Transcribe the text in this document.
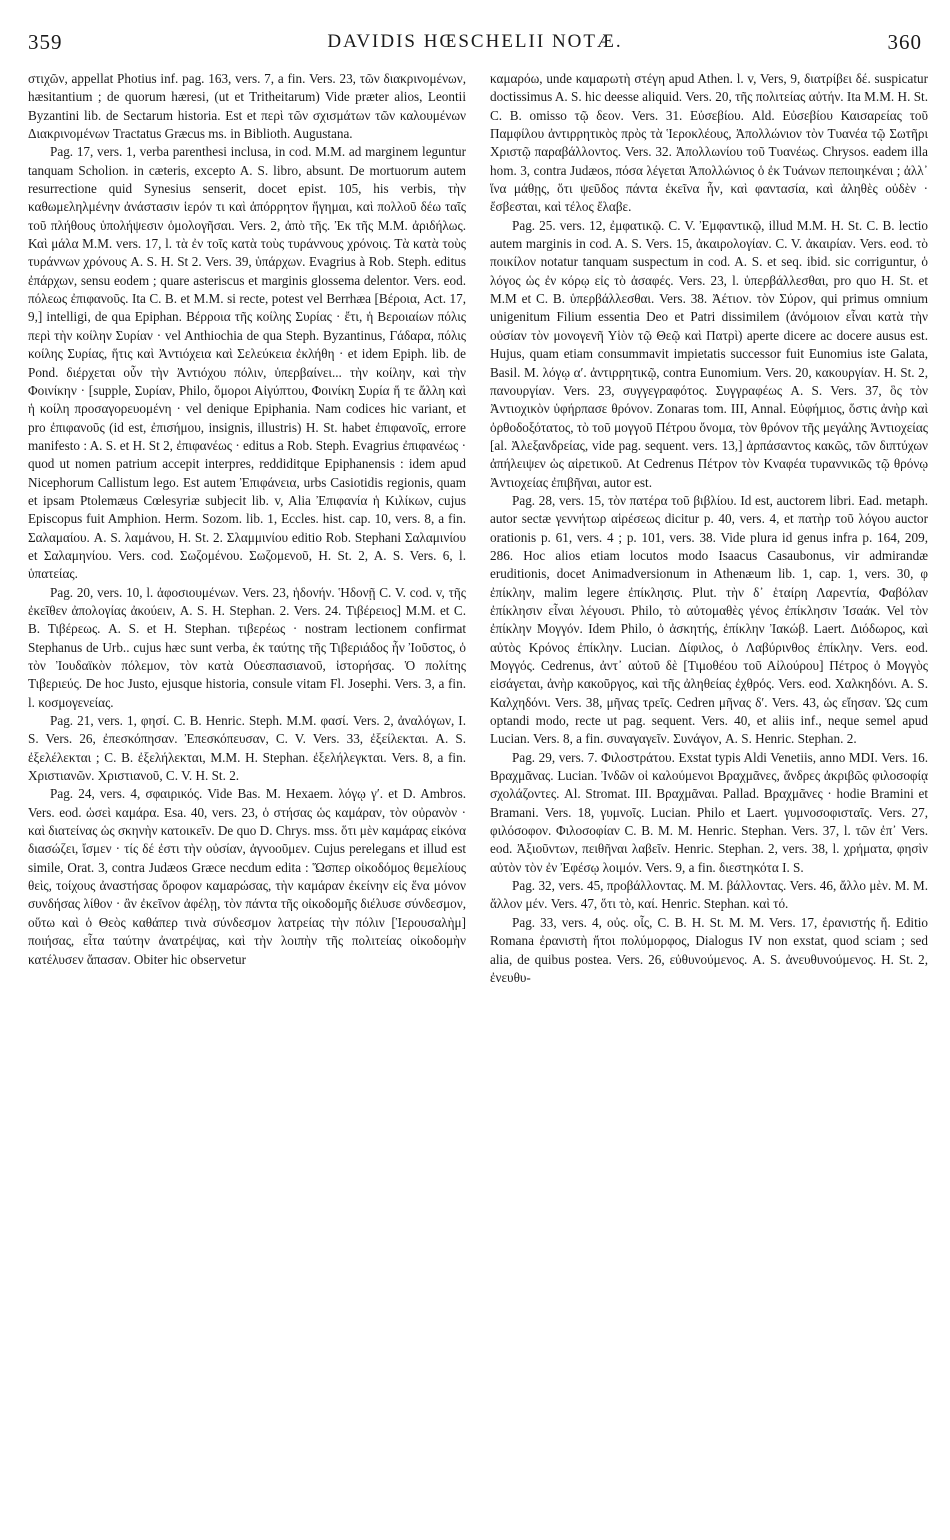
359	DAVIDIS HŒSCHELII NOTÆ.	360

στιχῶν, appellat Photius inf. pag. 163, vers. 7, a fin. Vers. 23, τῶν διακρινομένων, hæsitantium ; de quorum hæresi, (ut et Tritheitarum) Vide præter alios, Leontii Byzantini lib. de Sectarum historia. Est et περὶ τῶν σχισμάτων τῶν καλουμένων Διακρινομένων Tractatus Græcus ms. in Biblioth. Augustana.

Pag. 17, vers. 1, verba parenthesi inclusa, in cod. M.M. ad marginem leguntur tanquam Scholion. in cæteris, excepto A. S. libro, absunt. De mortuorum autem resurrectione quid Synesius senserit, docet epist. 105, his verbis, τὴν καθωμεληλμένην ἀνάστασιν ἱερόν τι καὶ ἀπόρρητον ἥγημαι, καὶ πολλοῦ δέω ταῖς τοῦ πλήθους ὑπολήψεσιν ὁμολογῆσαι. Vers. 2, ἀπὸ τῆς. Ἐκ τῆς M.M. ἀριδήλως. Καὶ μάλα M.M. vers. 17, l. τὰ ἐν τοῖς κατὰ τοὺς τυράννους χρόνοις. Τὰ κατὰ τοὺς τυράννων χρόνους A. S. H. St 2. Vers. 39, ὑπάρχων. Evagrius à Rob. Steph. editus ἐπάρχων, sensu eodem ; quare asteriscus et marginis glossema delentor. Vers. eod. πόλεως ἐπιφανοῦς. Ita C. B. et M.M. si recte, potest vel Berrhæa [Bέροια, Act. 17, 9,] intelligi, de qua Epiphan. Βέρροια τῆς κοίλης Συρίας · ἔτι, ἡ Βεροιαίων πόλις περὶ τὴν κοίλην Συρίαν · vel Anthiochia de qua Steph. Byzantinus, Γάδαρα, πόλις κοίλης Συρίας, ἥτις καὶ Ἀντιόχεια καὶ Σελεύκεια ἐκλήθη · et idem Epiph. lib. de Pond. διέρχεται οὖν τὴν Ἀντιόχου πόλιν, ὑπερβαίνει... τὴν κοίλην, καὶ τὴν Φοινίκην · [supple, Συρίαν, Philo, ὅμοροι Αἰγύπτου, Φοινίκη Συρία ἥ τε ἄλλη καὶ ἡ κοίλη προσαγορευομένη · vel denique Epiphania. Nam codices hic variant, et pro ἐπιφανοῦς (id est, ἐπισήμου, insignis, illustris) H. St. habet ἐπιφανοῖς, errore manifesto : A. S. et H. St 2, ἐπιφανέως · editus a Rob. Steph. Evagrius ἐπιφανέως · quod ut nomen patrium accepit interpres, reddiditque Epiphanensis : idem apud Nicephorum Callistum lego. Est autem Ἐπιφάνεια, urbs Casiotidis regionis, quam et ipsam Ptolemæus Cœlesyriæ subjecit lib. v, Alia Ἐπιφανία ἡ Κιλίκων, cujus Episcopus fuit Amphion. Herm. Sozom. lib. 1, Eccles. hist. cap. 10, vers. 8, a fin. Σαλαμαίου. A. S. λαμάνου, H. St. 2. Σλαμμινίου editio Rob. Stephani Σαλαμινίου et Σαλαμηνίου. Vers. cod. Σωζομένου. Σωζομενοῦ, H. St. 2, A. S. Vers. 6, l. ὑπατείας.

Pag. 20, vers. 10, l. ἀφοσιουμένων. Vers. 23, ἡδονήν. Ἡδονῇ C. V. cod. v, τῆς ἐκεῖθεν ἀπολογίας ἀκούειν, A. S. H. Stephan. 2. Vers. 24. Τιβέρειος] M.M. et C. B. Τιβέρεως. A. S. et H. Stephan. τιβερέως · nostram lectionem confirmat Stephanus de Urb.. cujus hæc sunt verba, ἐκ ταύτης τῆς Τιβεριάδος ἦν Ἰοῦστος, ὁ τὸν Ἰουδαϊκὸν πόλεμον, τὸν κατὰ Οὐεσπασιανοῦ, ἱστορήσας. Ὁ πολίτης Τιβεριεύς. De hoc Justo, ejusque historia, consule vitam Fl. Josephi. Vers. 3, a fin. l. κοσμογενείας.

Pag. 21, vers. 1, φησί. C. B. Henric. Steph. M.M. φασί. Vers. 2, ἀναλόγων, I. S. Vers. 26, ἐπεσκόπησαν. Ἐπεσκόπευσαν, C. V. Vers. 33, ἐξείλεκται. A. S. ἐξελέλεκται ; C. B. ἐξελήλεκται, M.M. H. Stephan. ἐξελήλεγκται. Vers. 8, a fin. Χριστιανῶν. Χριστιανοῦ, C. V. H. St. 2.

Pag. 24, vers. 4, σφαιρικός. Vide Bas. M. Hexaem. λόγῳ γ′. et D. Ambros. Vers. eod. ὡσεὶ καμάρα. Esa. 40, vers. 23, ὁ στήσας ὡς καμάραν, τὸν οὐρανὸν · καὶ διατείνας ὡς σκηνὴν κατοικεῖν. De quo D. Chrys. mss. ὅτι μὲν καμάρας εἰκόνα διασώζει, ἴσμεν · τίς δέ ἐστι τὴν οὐσίαν, ἀγνοοῦμεν. Cujus perelegans et illud est simile, Orat. 3, contra Judæos Græce necdum edita : Ὥσπερ οἰκοδόμος θεμελίους θεὶς, τοίχους ἀναστήσας ὄροφον καμαρώσας, τὴν καμάραν ἐκείνην εἰς ἕνα μόνον συνδήσας λίθον · ἂν ἐκεῖνον ἀφέλῃ, τὸν πάντα τῆς οἰκοδομῆς διέλυσε σύνδεσμον, οὕτω καὶ ὁ Θεὸς καθάπερ τινὰ σύνδεσμον λατρείας τὴν πόλιν [Ἱερουσαλὴμ] ποιήσας, εἶτα ταύτην ἀνατρέψας, καὶ τὴν λοιπὴν τῆς πολιτείας οἰκοδομὴν κατέλυσεν ἅπασαν. Obiter hic observetur

καμαρόω, unde καμαρωτὴ στέγη apud Athen. l. v, Vers, 9, διατρίβει δέ. suspicatur doctissimus A. S. hic deesse aliquid. Vers. 20, τῆς πολιτείας αὐτήν. Ita M.M. H. St. C. B. omisso τῷ δεον. Vers. 31. Εὐσεβίου. Ald. Εὐσεβίου Καισαρείας τοῦ Παμφίλου ἀντιρρητικὸς πρὸς τὰ Ἱεροκλέους, Ἀπολλώνιον τὸν Τυανέα τῷ Σωτῆρι Χριστῷ παραβάλλοντος. Vers. 32. Ἀπολλωνίου τοῦ Τυανέως. Chrysos. eadem illa hom. 3, contra Judæos, πόσα λέγεται Ἀπολλώνιος ὁ ἐκ Τυάνων πεποιηκέναι ; ἀλλ᾽ ἵνα μάθῃς, ὅτι ψεῦδος πάντα ἐκεῖνα ἦν, καὶ φαντασία, καὶ ἀληθὲς οὐδὲν · ἔσβεσται, καὶ τέλος ἔλαβε.

Pag. 25. vers. 12, ἐμφατικῷ. C. V. Ἐμφαντικῷ, illud M.M. H. St. C. B. lectio autem marginis in cod. A. S. Vers. 15, ἀκαιρολογίαν. C. V. ἀκαιρίαν. Vers. eod. τὸ ποικίλον notatur tanquam suspectum in cod. A. S. et seq. ibid. sic corriguntur, ὁ λόγος ὡς ἐν κόρῳ εἰς τὸ ἀσαφές. Vers. 23, l. ὑπερβάλλεσθαι, pro quo H. St. et M.M et C. B. ὑπερβάλλεσθαι. Vers. 38. Ἀέτιον. τὸν Σύρον, qui primus omnium unigenitum Filium essentia Deo et Patri dissimilem (ἀνόμοιον εἶναι κατὰ τὴν οὐσίαν τὸν μονογενῆ Υἱὸν τῷ Θεῷ καὶ Πατρὶ) aperte dicere ac docere ausus est. Hujus, quam etiam consummavit impietatis successor fuit Eunomius iste Galata, Basil. M. λόγῳ α′. ἀντιρρητικῷ, contra Eunomium. Vers. 20, κακουργίαν. H. St. 2, πανουργίαν. Vers. 23, συγγεγραφότος. Συγγραφέως A. S. Vers. 37, ὃς τὸν Ἀντιοχικὸν ὑφήρπασε θρόνον. Zonaras tom. III, Annal. Εὐφήμιος, ὅστις ἀνὴρ καὶ ὀρθοδοξότατος, τὸ τοῦ μογγοῦ Πέτρου ὄνομα, τὸν θρόνον τῆς μεγάλης Ἀντιοχείας [al. Ἀλεξανδρείας, vide pag. sequent. vers. 13,] ἁρπάσαντος κακῶς, τῶν διπτύχων ἀπήλειψεν ὡς αἱρετικοῦ. At Cedrenus Πέτρον τὸν Κναφέα τυραννικῶς τῷ θρόνῳ Ἀντιοχείας ἐπιβῆναι, autor est.

Pag. 28, vers. 15, τὸν πατέρα τοῦ βιβλίου. Id est, auctorem libri. Ead. metaph. autor sectæ γεννήτωρ αἱρέσεως dicitur p. 40, vers. 4, et πατὴρ τοῦ λόγου auctor orationis p. 61, vers. 4 ; p. 101, vers. 38. Vide plura id genus infra p. 164, 209, 286. Hoc alios etiam locutos modo Isaacus Casaubonus, vir admirandæ eruditionis, docet Animadversionum in Athenæum lib. 1, cap. 1, vers. 30, φ ἐπίκλην, malim legere ἐπίκλησις. Plut. τὴν δ᾽ ἑταίρη Λαρεντία, Φαβόλαν ἐπίκλησιν εἶναι λέγουσι. Philo, τὸ αὐτομαθὲς γένος ἐπίκλησιν Ἰσαάκ. Vel τὸν ἐπίκλην Μογγόν. Idem Philo, ὁ ἀσκητής, ἐπίκλην Ἰακώβ. Laert. Διόδωρος, καὶ αὐτὸς Κρόνος ἐπίκλην. Lucian. Δίφιλος, ὁ Λαβύρινθος ἐπίκλην. Vers. eod. Μογγός. Cedrenus, ἀντ᾽ αὐτοῦ δὲ [Τιμοθέου τοῦ Αἰλούρου] Πέτρος ὁ Μογγὸς εἰσάγεται, ἀνὴρ κακοῦργος, καὶ τῆς ἀληθείας ἐχθρός. Vers. eod. Χαλκηδόνι. A. S. Καλχηδόνι. Vers. 38, μῆνας τρεῖς. Cedren μῆνας δ′. Vers. 43, ὡς εἴησαν. Ὡς cum optandi modo, recte ut pag. sequent. Vers. 40, et aliis inf., neque semel apud Lucian. Vers. 8, a fin. συναγαγεῖν. Συνάγον, A. S. Henric. Stephan. 2.

Pag. 29, vers. 7. Φιλοστράτου. Exstat typis Aldi Venetiis, anno MDI. Vers. 16. Βραχμᾶνας. Lucian. Ἰνδῶν οἱ καλούμενοι Βραχμᾶνες, ἄνδρες ἀκριβῶς φιλοσοφίᾳ σχολάζοντες. Al. Stromat. III. Βραχμᾶναι. Pallad. Βραχμᾶνες · hodie Bramini et Bramani. Vers. 18, γυμνοῖς. Lucian. Philo et Laert. γυμνοσοφισταῖς. Vers. 27, φιλόσοφον. Φιλοσοφίαν C. B. M. M. Henric. Stephan. Vers. 37, l. τῶν ἐπ᾽ Vers. eod. Ἀξιοῦντων, πειθῆναι λαβεῖν. Henric. Stephan. 2, vers. 38, l. χρήματα, φησὶν αὐτὸν τὸν ἐν Ἐφέσῳ λοιμόν. Vers. 9, a fin. διεστηκότα I. S.

Pag. 32, vers. 45, προβάλλοντας. M. M. βάλλοντας. Vers. 46, ἄλλο μὲν. M. M. ἄλλον μέν. Vers. 47, ὅτι τὸ, καί. Henric. Stephan. καὶ τό.

Pag. 33, vers. 4, οὐς. οἷς, C. B. H. St. M. M. Vers. 17, ἐρανιστής ἤ. Editio Romana ἐρανιστὴ ἤτοι πολύμορφος, Dialogus IV non exstat, quod sciam ; sed alia, de quibus postea. Vers. 26, εὐθυνούμενος. A. S. ἀνευθυνούμενος. H. St. 2, ἐνευθυ-
